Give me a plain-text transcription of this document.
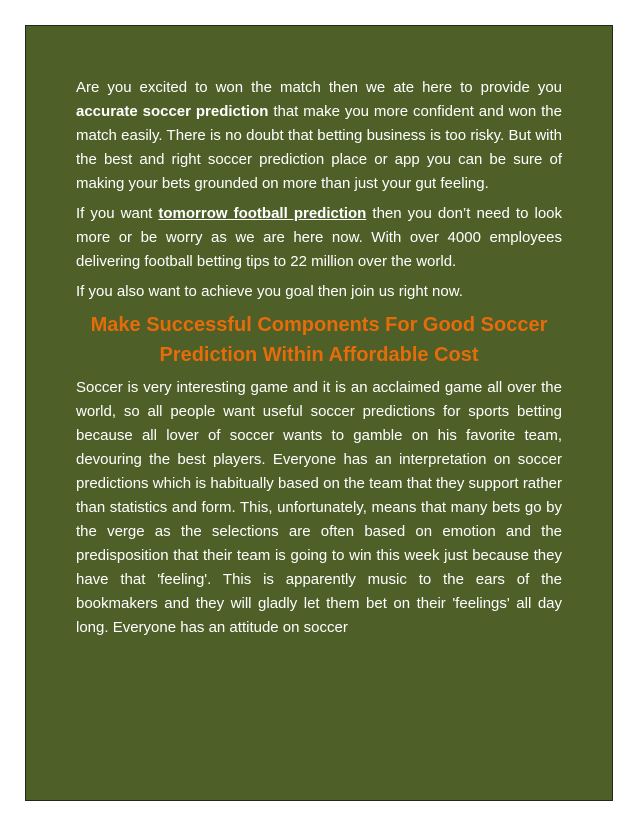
Are you excited to won the match then we ate here to provide you accurate soccer prediction that make you more confident and won the match easily. There is no doubt that betting business is too risky. But with the best and right soccer prediction place or app you can be sure of making your bets grounded on more than just your gut feeling.

If you want tomorrow football prediction then you don’t need to look more or be worry as we are here now. With over 4000 employees delivering football betting tips to 22 million over the world.

If you also want to achieve you goal then join us right now.

Make Successful Components For Good Soccer
Prediction Within Affordable Cost

Soccer is very interesting game and it is an acclaimed game all over the world, so all people want useful soccer predictions for sports betting because all lover of soccer wants to gamble on his favorite team, devouring the best players. Everyone has an interpretation on soccer predictions which is habitually based on the team that they support rather than statistics and form. This, unfortunately, means that many bets go by the verge as the selections are often based on emotion and the predisposition that their team is going to win this week just because they have that 'feeling'. This is apparently music to the ears of the bookmakers and they will gladly let them bet on their 'feelings' all day long. Everyone has an attitude on soccer
